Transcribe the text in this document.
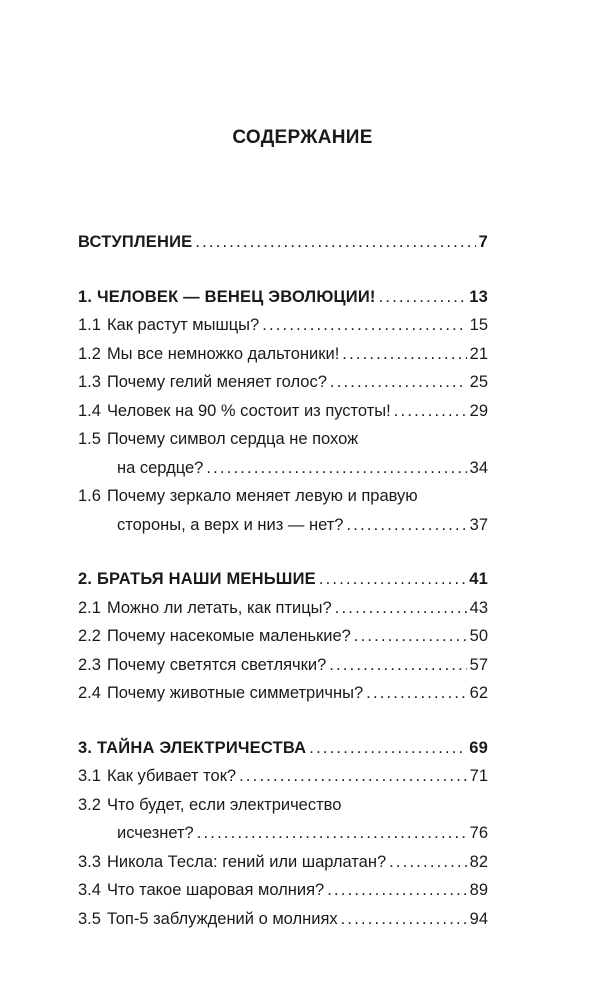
СОДЕРЖАНИЕ
ВСТУПЛЕНИЕ .....	7
1. ЧЕЛОВЕК — ВЕНЕЦ ЭВОЛЮЦИИ! .....	13
1.1 Как растут мышцы? .....	15
1.2 Мы все немножко дальтоники! .....	21
1.3 Почему гелий меняет голос? .....	25
1.4 Человек на 90 % состоит из пустоты! .....	29
1.5 Почему символ сердца не похож
на сердце? .....	34
1.6 Почему зеркало меняет левую и правую
стороны, а верх и низ — нет? .....	37
2. БРАТЬЯ НАШИ МЕНЬШИЕ .....	41
2.1 Можно ли летать, как птицы? .....	43
2.2 Почему насекомые маленькие? .....	50
2.3 Почему светятся светлячки? .....	57
2.4 Почему животные симметричны? .....	62
3. ТАЙНА ЭЛЕКТРИЧЕСТВА .....	69
3.1 Как убивает ток? .....	71
3.2 Что будет, если электричество
исчезнет? .....	76
3.3 Никола Тесла: гений или шарлатан? .....	82
3.4 Что такое шаровая молния? .....	89
3.5 Топ-5 заблуждений о молниях .....	94
